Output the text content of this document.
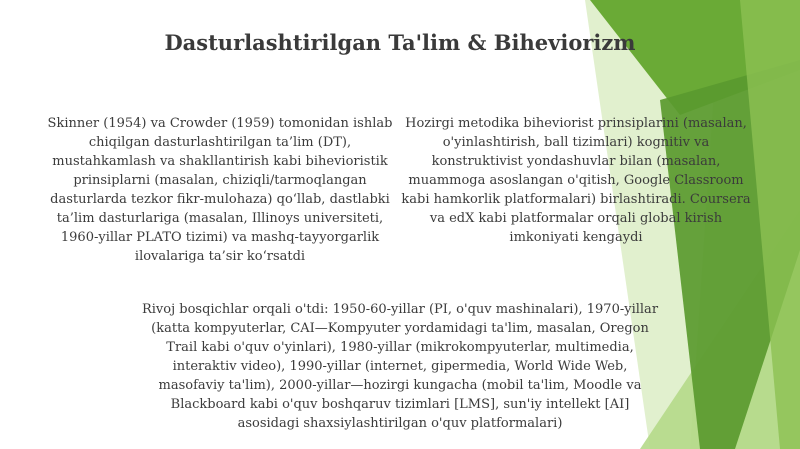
Dasturlashtirilgan Ta'lim & Biheviorizm

Skinner (1954) va Crowder (1959) tomonidan ishlab chiqilgan dasturlashtirilgan ta’lim (DT), mustahkamlash va shakllantirish kabi bihevioristik prinsiplarni (masalan, chiziqli/tarmoqlangan dasturlarda tezkor fikr-mulohaza) qo‘llab, dastlabki ta’lim dasturlariga (masalan, Illinoys universiteti, 1960-yillar PLATO tizimi) va mashq-tayyorgarlik ilovalariga ta’sir ko‘rsatdi

Hozirgi metodika biheviorist prinsiplarini (masalan, o'yinlashtirish, ball tizimlari) kognitiv va konstruktivist yondashuvlar bilan (masalan, muammoga asoslangan o'qitish, Google Classroom kabi hamkorlik platformalari) birlashtiradi. Coursera va edX kabi platformalar orqali global kirish imkoniyati kengaydi

Rivoj bosqichlar orqali o'tdi: 1950-60-yillar (PI, o'quv mashinalari), 1970-yillar (katta kompyuterlar, CAI—Kompyuter yordamidagi ta'lim, masalan, Oregon Trail kabi o'quv o'yinlari), 1980-yillar (mikrokompyuterlar, multimedia, interaktiv video), 1990-yillar (internet, gipermedia, World Wide Web, masofaviy ta'lim), 2000-yillar—hozirgi kungacha (mobil ta'lim, Moodle va Blackboard kabi o'quv boshqaruv tizimlari [LMS], sun'iy intellekt [AI] asosidagi shaxsiylashtirilgan o'quv platformalari)
